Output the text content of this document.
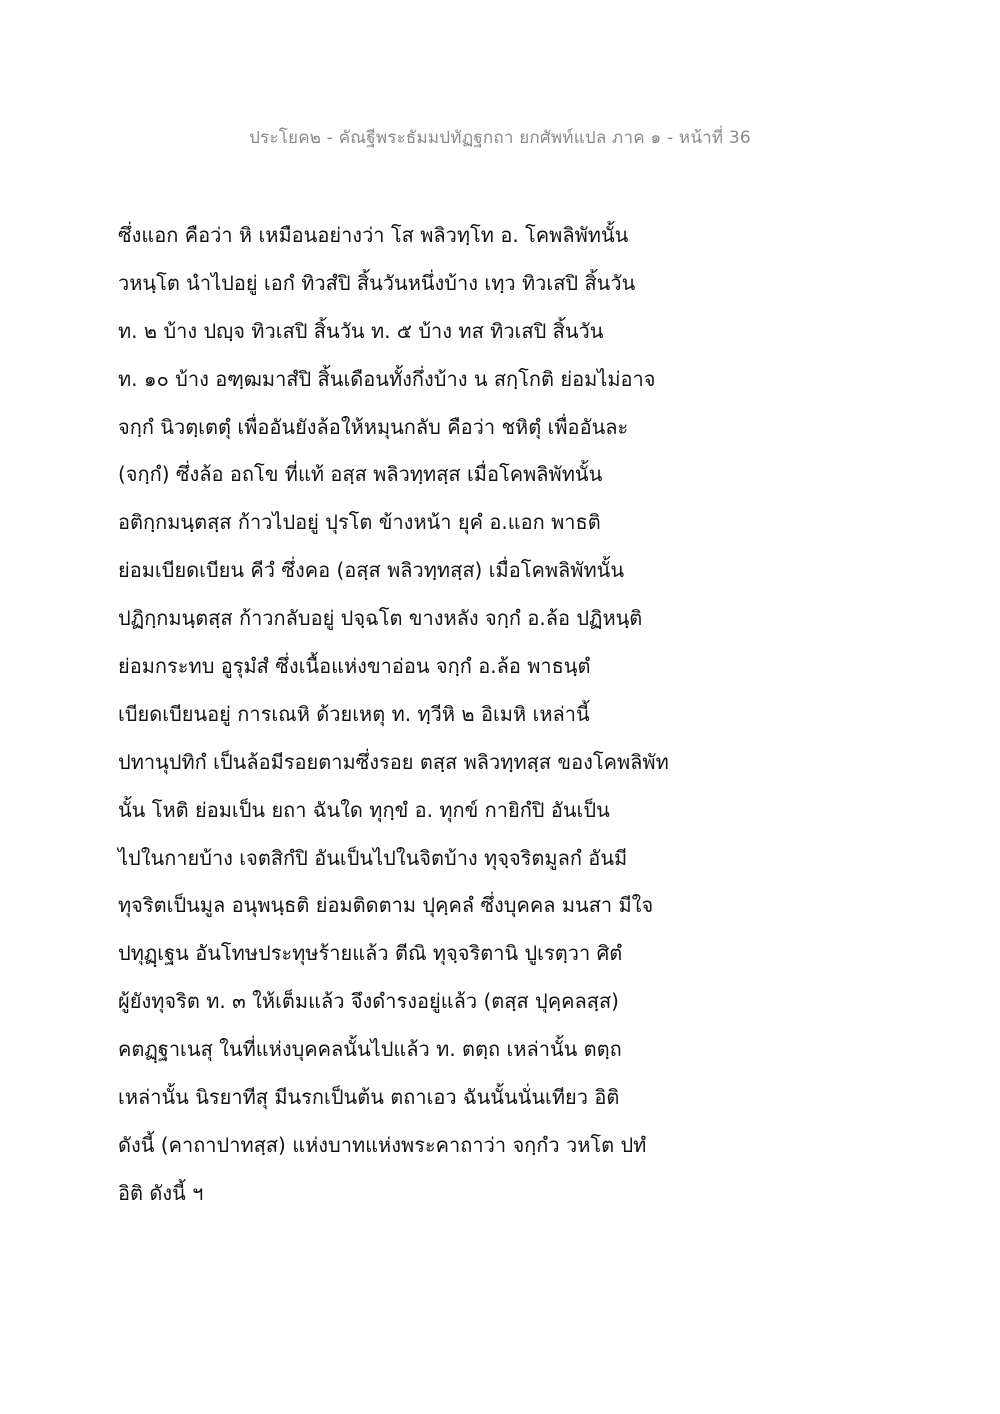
ประโยค๒ - คัณฐีพระธัมมปทัฏฐกถา ยกศัพท์แปล ภาค ๑ - หน้าที่ 36
ซึ่งแอก คือว่า หิ เหมือนอย่างว่า โส พลิวทฺโท อ. โคพลิพัทนั้น
วหนฺโต นำไปอยู่ เอกํ ทิวสํปิ สิ้นวันหนึ่งบ้าง เทฺว ทิวเสปิ สิ้นวัน
ท. ๒ บ้าง ปญฺจ ทิวเสปิ สิ้นวัน ท. ๕ บ้าง ทส ทิวเสปิ สิ้นวัน
ท. ๑๐ บ้าง อฑฺฒมาสํปิ สิ้นเดือนทั้งกึ่งบ้าง น สกฺโกติ ย่อมไม่อาจ
จกฺกํ นิวตฺเตตุํ เพื่ออันยังล้อให้หมุนกลับ คือว่า ชหิตุํ เพื่ออันละ
(จกฺกํ) ซึ่งล้อ อถโข ที่แท้ อสฺส พลิวทฺทสฺส เมื่อโคพลิพัทนั้น
อติกฺกมนฺตสฺส ก้าวไปอยู่ ปุรโต ข้างหน้า ยุคํ อ.แอก พาธติ
ย่อมเบียดเบียน คีวํ ซึ่งคอ (อสฺส พลิวทฺทสฺส) เมื่อโคพลิพัทนั้น
ปฏิกฺกมนฺตสฺส ก้าวกลับอยู่ ปจฺฉโต ขางหลัง จกฺกํ อ.ล้อ ปฏิหนฺติ
ย่อมกระทบ อูรุมํสํ ซึ่งเนื้อแห่งขาอ่อน จกฺกํ อ.ล้อ พาธนฺตํ
เบียดเบียนอยู่ การเณหิ ด้วยเหตุ ท. ทฺวีหิ ๒ อิเมหิ เหล่านี้
ปทานุปทิกํ เป็นล้อมีรอยตามซึ่งรอย ตสฺส พลิวทฺทสฺส ของโคพลิพัท
นั้น โหติ ย่อมเป็น ยถา ฉันใด ทุกฺขํ อ. ทุกข์ กายิกํปิ อันเป็น
ไปในกายบ้าง เจตสิกํปิ อันเป็นไปในจิตบ้าง ทุจฺจริตมูลกํ อันมี
ทุจริตเป็นมูล อนุพนฺธติ ย่อมติดตาม ปุคฺคลํ ซึ่งบุคคล มนสา มีใจ
ปทุฏฺเฐน อันโทษประทุษร้ายแล้ว ตีณิ ทุจฺจริตานิ ปูเรตฺวา ศิตํ
ผู้ยังทุจริต ท. ๓ ให้เต็มแล้ว จึงดำรงอยู่แล้ว (ตสฺส ปุคฺคลสฺส)
คตฏฺฐาเนสุ ในที่แห่งบุคคลนั้นไปแล้ว ท. ตตฺถ เหล่านั้น ตตฺถ
เหล่านั้น นิรยาทีสุ มีนรกเป็นต้น ตถาเอว ฉันนั้นนั่นเทียว อิติ
ดังนี้ (คาถาปาทสฺส) แห่งบาทแห่งพระคาถาว่า จกฺกํว วหโต ปทํ
อิติ ดังนี้ ฯ
